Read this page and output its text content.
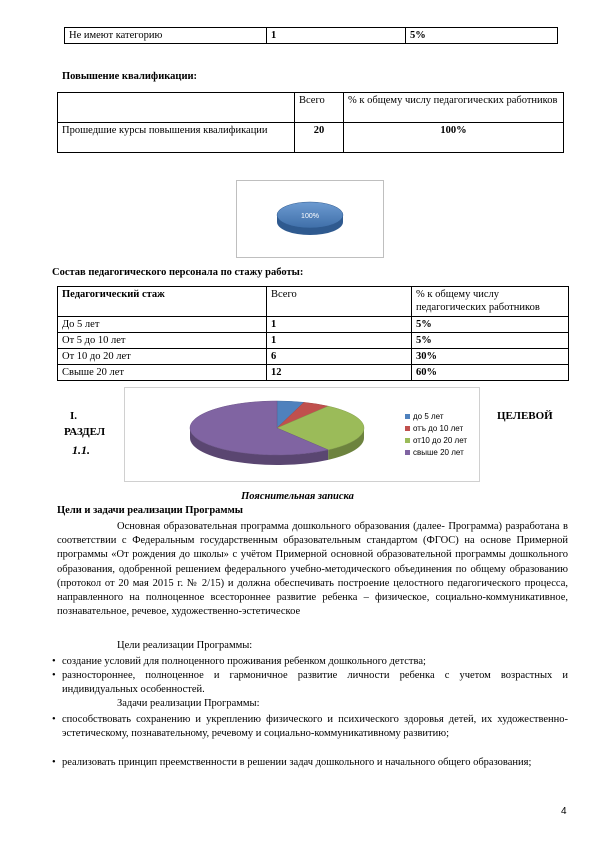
Не имеют категорию	1	5%
Повышение квалификации:
	Всего	% к общему числу педагогических работников
Прошедшие курсы повышения квалификации	20	100%
100%
Состав педагогического персонала по стажу работы:
Педагогический стаж	Всего	% к общему числу педагогических работников
До 5 лет	1	5%
От 5 до 10 лет	1	5%
От 10 до 20 лет	6	30%
Свыше 20 лет	12	60%
I.
РАЗДЕЛ
1.1.
ЦЕЛЕВОЙ
до 5 лет
отъ до 10 лет
от10 до 20 лет
свыше 20 лет
Пояснительная записка
Цели и задачи реализации Программы
Основная образовательная программа дошкольного образования (далее- Программа) разработана в соответствии с Федеральным государственным образовательным стандартом (ФГОС) на основе Примерной программы «От рождения до школы» с учётом Примерной основной образовательной программы дошкольного образования, одобренной решением федерального учебно-методического объединения по общему образованию (протокол от 20 мая 2015 г. № 2/15) и должна обеспечивать построение целостного педагогического процесса, направленного на полноценное всестороннее развитие ребенка – физическое, социально-коммуникативное, познавательное, речевое, художественно-эстетическое
Цели реализации Программы:
• создание условий для полноценного проживания ребенком дошкольного детства;
• разностороннее, полноценное и гармоничное развитие личности ребенка с учетом возрастных и индивидуальных особенностей.
Задачи реализации Программы:
• способствовать сохранению и укреплению физического и психического здоровья детей, их художественно-эстетическому, познавательному, речевому и социально-коммуникативному развитию;
• реализовать принцип преемственности в решении задач дошкольного и начального общего образования;
4
